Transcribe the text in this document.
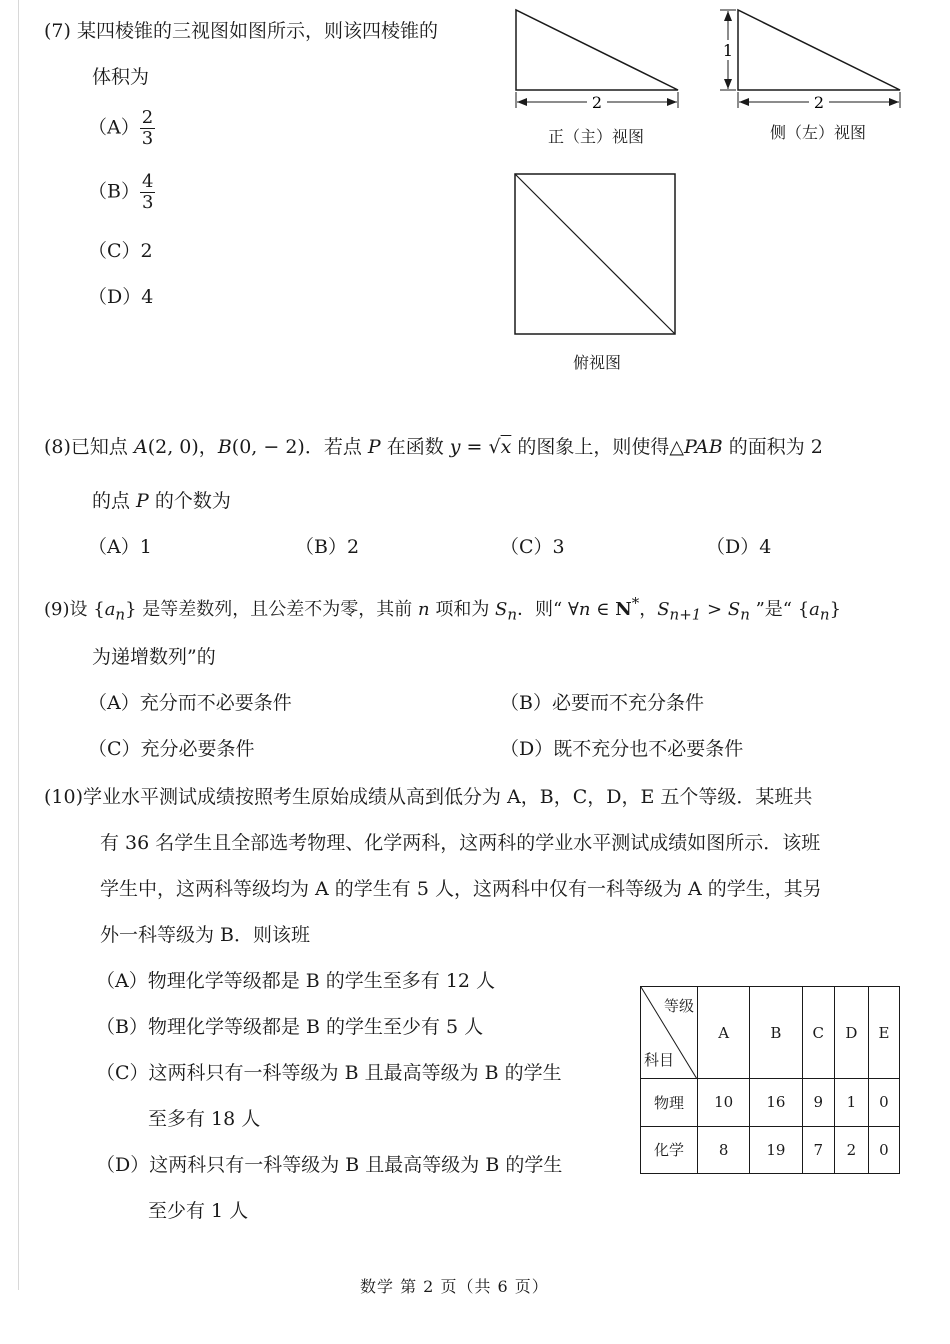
(7) 某四棱锥的三视图如图所示，则该四棱锥的
体积为
$(A) \frac{2}{3}$
$(B) \frac{4}{3}$
（C）2
（D）4
2
正（主）视图
1
2
侧（左）视图
俯视图
(8)已知点 A(2, 0)，B(0, − 2)．若点 P 在函数 y = √x 的图象上，则使得△PAB 的面积为 2
的点 P 的个数为
（A）1	（B）2	（C）3	（D）4
(9)设 $\{a_n\}$ 是等差数列，且公差不为零，其前 n 项和为 $S_n$．则“ ∀n ∈ N*，$S_{n+1} > S_n$ ”是“ $\{a_n\}$
为递增数列”的
（A）充分而不必要条件	（B）必要而不充分条件
（C）充分必要条件	（D）既不充分也不必要条件
(10)学业水平测试成绩按照考生原始成绩从高到低分为 A，B，C，D，E 五个等级．某班共
有 36 名学生且全部选考物理、化学两科，这两科的学业水平测试成绩如图所示．该班
学生中，这两科等级均为 A 的学生有 5 人，这两科中仅有一科等级为 A 的学生，其另
外一科等级为 B．则该班
（A）物理化学等级都是 B 的学生至多有 12 人
（B）物理化学等级都是 B 的学生至少有 5 人
（C）这两科只有一科等级为 B 且最高等级为 B 的学生
至多有 18 人
（D）这两科只有一科等级为 B 且最高等级为 B 的学生
至少有 1 人
等级
科目	A	B	C	D	E
物理	10	16	9	1	0
化学	8	19	7	2	0
数学 第 2 页（共 6 页）
